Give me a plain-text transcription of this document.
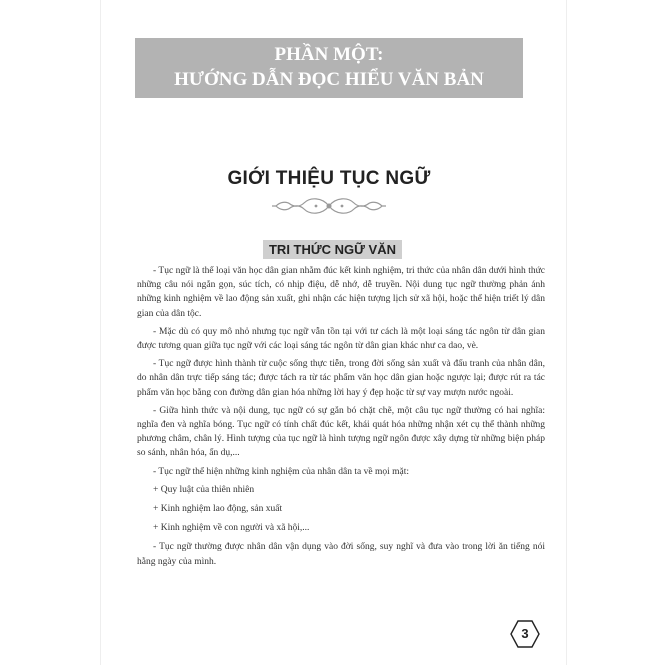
PHẦN MỘT:
HƯỚNG DẪN ĐỌC HIỂU VĂN BẢN
GIỚI THIỆU TỤC NGỮ
TRI THỨC NGỮ VĂN

- Tục ngữ là thể loại văn học dân gian nhằm đúc kết kinh nghiệm, tri thức của nhân dân dưới hình thức những câu nói ngắn gọn, súc tích, có nhịp điệu, dễ nhớ, dễ truyền. Nội dung tục ngữ thường phản ánh những kinh nghiệm về lao động sản xuất, ghi nhận các hiện tượng lịch sử xã hội, hoặc thể hiện triết lý dân gian của dân tộc.

- Mặc dù có quy mô nhỏ nhưng tục ngữ vẫn tồn tại với tư cách là một loại sáng tác ngôn từ dân gian được tương quan giữa tục ngữ với các loại sáng tác ngôn từ dân gian khác như ca dao, vè.

- Tục ngữ được hình thành từ cuộc sống thực tiễn, trong đời sống sản xuất và đấu tranh của nhân dân, do nhân dân trực tiếp sáng tác; được tách ra từ tác phẩm văn học dân gian hoặc ngược lại; được rút ra tác phẩm văn học bằng con đường dân gian hóa những lời hay ý đẹp hoặc từ sự vay mượn nước ngoài.

- Giữa hình thức và nội dung, tục ngữ có sự gắn bó chặt chẽ, một câu tục ngữ thường có hai nghĩa: nghĩa đen và nghĩa bóng. Tục ngữ có tính chất đúc kết, khái quát hóa những nhận xét cụ thể thành những phương châm, chân lý. Hình tượng của tục ngữ là hình tượng ngữ ngôn được xây dựng từ những biện pháp so sánh, nhân hóa, ẩn dụ,...

- Tục ngữ thể hiện những kinh nghiệm của nhân dân ta về mọi mặt:

+ Quy luật của thiên nhiên

+ Kinh nghiệm lao động, sản xuất

+ Kinh nghiệm về con người và xã hội,...

- Tục ngữ thường được nhân dân vận dụng vào đời sống, suy nghĩ và đưa vào trong lời ăn tiếng nói hằng ngày của mình.

3
